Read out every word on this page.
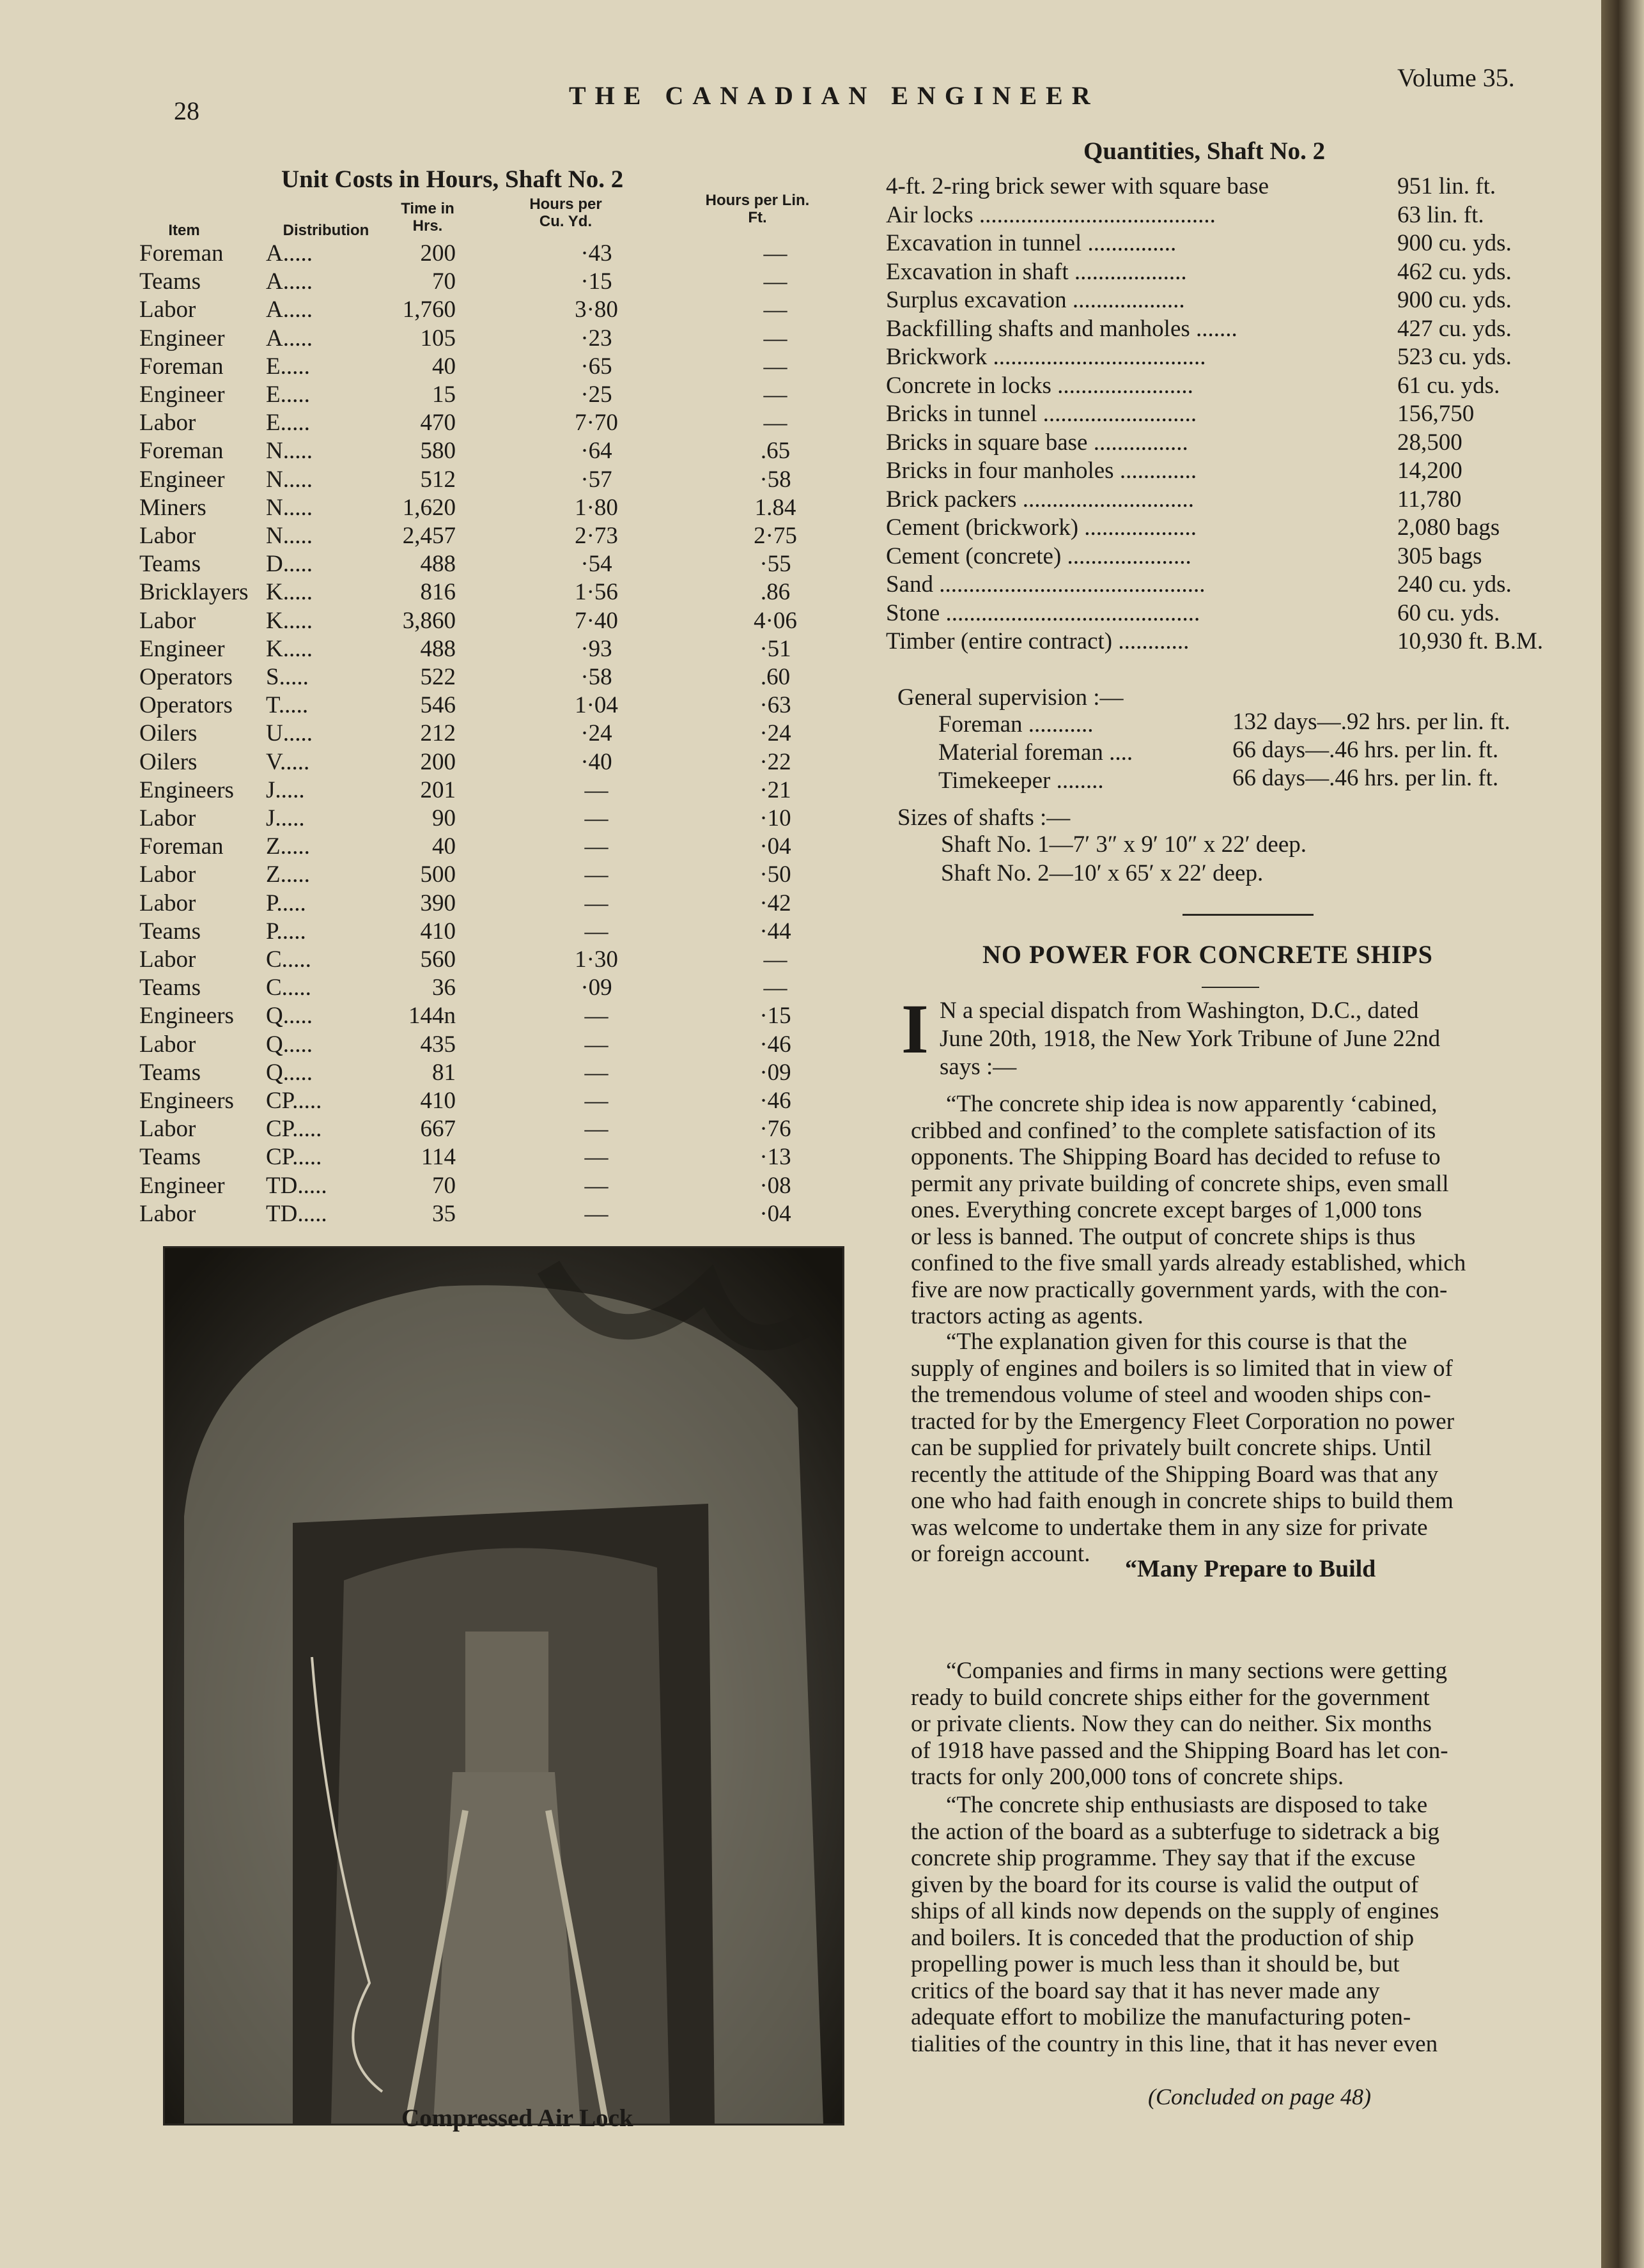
28
THE CANADIAN ENGINEER
Volume 35.
Unit Costs in Hours, Shaft No. 2
Item	Distribution
Time in Hrs.
Hours per Cu. Yd.
Hours per Lin. Ft.
Foreman A.....	200	·43	—
Teams	A.....	70	·15	—
Labor	A.....	1,760	3·80	—
Engineer A.....	105	·23	—
Foreman E.....	40	·65	—
Engineer E.....	15	·25	—
Labor	E.....	470	7·70	—
Foreman N.....	580	·64	.65
Engineer N.....	512	·57	·58
Miners	N.....	1,620	1·80	1.84
Labor	N.....	2,457	2·73	2·75
Teams	D.....	488	·54	·55
Bricklayers K.....	816	1·56	.86
Labor	K.....	3,860	7·40	4·06
Engineer K.....	488	·93	·51
Operators S.....	522	·58	.60
Operators T.....	546	1·04	·63
Oilers	U.....	212	·24	·24
Oilers	V.....	200	·40	·22
Engineers J.....	201	—	·21
Labor	J.....	90	—	·10
Foreman Z.....	40	—	·04
Labor	Z.....	500	—	·50
Labor	P.....	390	—	·42
Teams	P.....	410	—	·44
Labor	C.....	560	1·30	—
Teams	C.....	36	·09	—
Engineers Q.....	144n	—	·15
Labor	Q.....	435	—	·46
Teams	Q.....	81	—	·09
Engineers CP.....	410	—	·46
Labor	CP.....	667	—	·76
Teams	CP.....	114	—	·13
Engineer TD.....	70	—	·08
Labor	TD.....	35	—	·04
Compressed Air Lock
Quantities, Shaft No. 2
4-ft. 2-ring brick sewer with square base	951 lin. ft.
Air locks ........................................	63 lin. ft.
Excavation in tunnel ...............	900 cu. yds.
Excavation in shaft ...................	462 cu. yds.
Surplus excavation ...................	900 cu. yds.
Backfilling shafts and manholes .......	427 cu. yds.
Brickwork ....................................	523 cu. yds.
Concrete in locks .......................	61 cu. yds.
Bricks in tunnel ..........................	156,750
Bricks in square base ................	28,500
Bricks in four manholes .............	14,200
Brick packers .............................	11,780
Cement (brickwork) ...................	2,080 bags
Cement (concrete) .....................	305 bags
Sand .............................................	240 cu. yds.
Stone ...........................................	60 cu. yds.
Timber (entire contract) ............	10,930 ft. B.M.
General supervision :—
Foreman ...........	132 days—.92 hrs. per lin. ft.
Material foreman ....	66 days—.46 hrs. per lin. ft.
Timekeeper ........	66 days—.46 hrs. per lin. ft.
Sizes of shafts :—
Shaft No. 1—7′ 3″ x 9′ 10″ x 22′ deep.
Shaft No. 2—10′ x 65′ x 22′ deep.
NO POWER FOR CONCRETE SHIPS
I N a special dispatch from Washington, D.C., dated
June 20th, 1918, the New York Tribune of June 22nd
says :—
“The concrete ship idea is now apparently ‘cabined,
cribbed and confined’ to the complete satisfaction of its
opponents. The Shipping Board has decided to refuse to
permit any private building of concrete ships, even small
ones. Everything concrete except barges of 1,000 tons
or less is banned. The output of concrete ships is thus
confined to the five small yards already established, which
five are now practically government yards, with the con-
tractors acting as agents.
“The explanation given for this course is that the
supply of engines and boilers is so limited that in view of
the tremendous volume of steel and wooden ships con-
tracted for by the Emergency Fleet Corporation no power
can be supplied for privately built concrete ships. Until
recently the attitude of the Shipping Board was that any
one who had faith enough in concrete ships to build them
was welcome to undertake them in any size for private
or foreign account.
“Companies and firms in many sections were getting
ready to build concrete ships either for the government
or private clients. Now they can do neither. Six months
of 1918 have passed and the Shipping Board has let con-
tracts for only 200,000 tons of concrete ships.
“The concrete ship enthusiasts are disposed to take
the action of the board as a subterfuge to sidetrack a big
concrete ship programme. They say that if the excuse
given by the board for its course is valid the output of
ships of all kinds now depends on the supply of engines
and boilers. It is conceded that the production of ship
propelling power is much less than it should be, but
critics of the board say that it has never made any
adequate effort to mobilize the manufacturing poten-
tialities of the country in this line, that it has never even
“Many Prepare to Build
(Concluded on page 48)
